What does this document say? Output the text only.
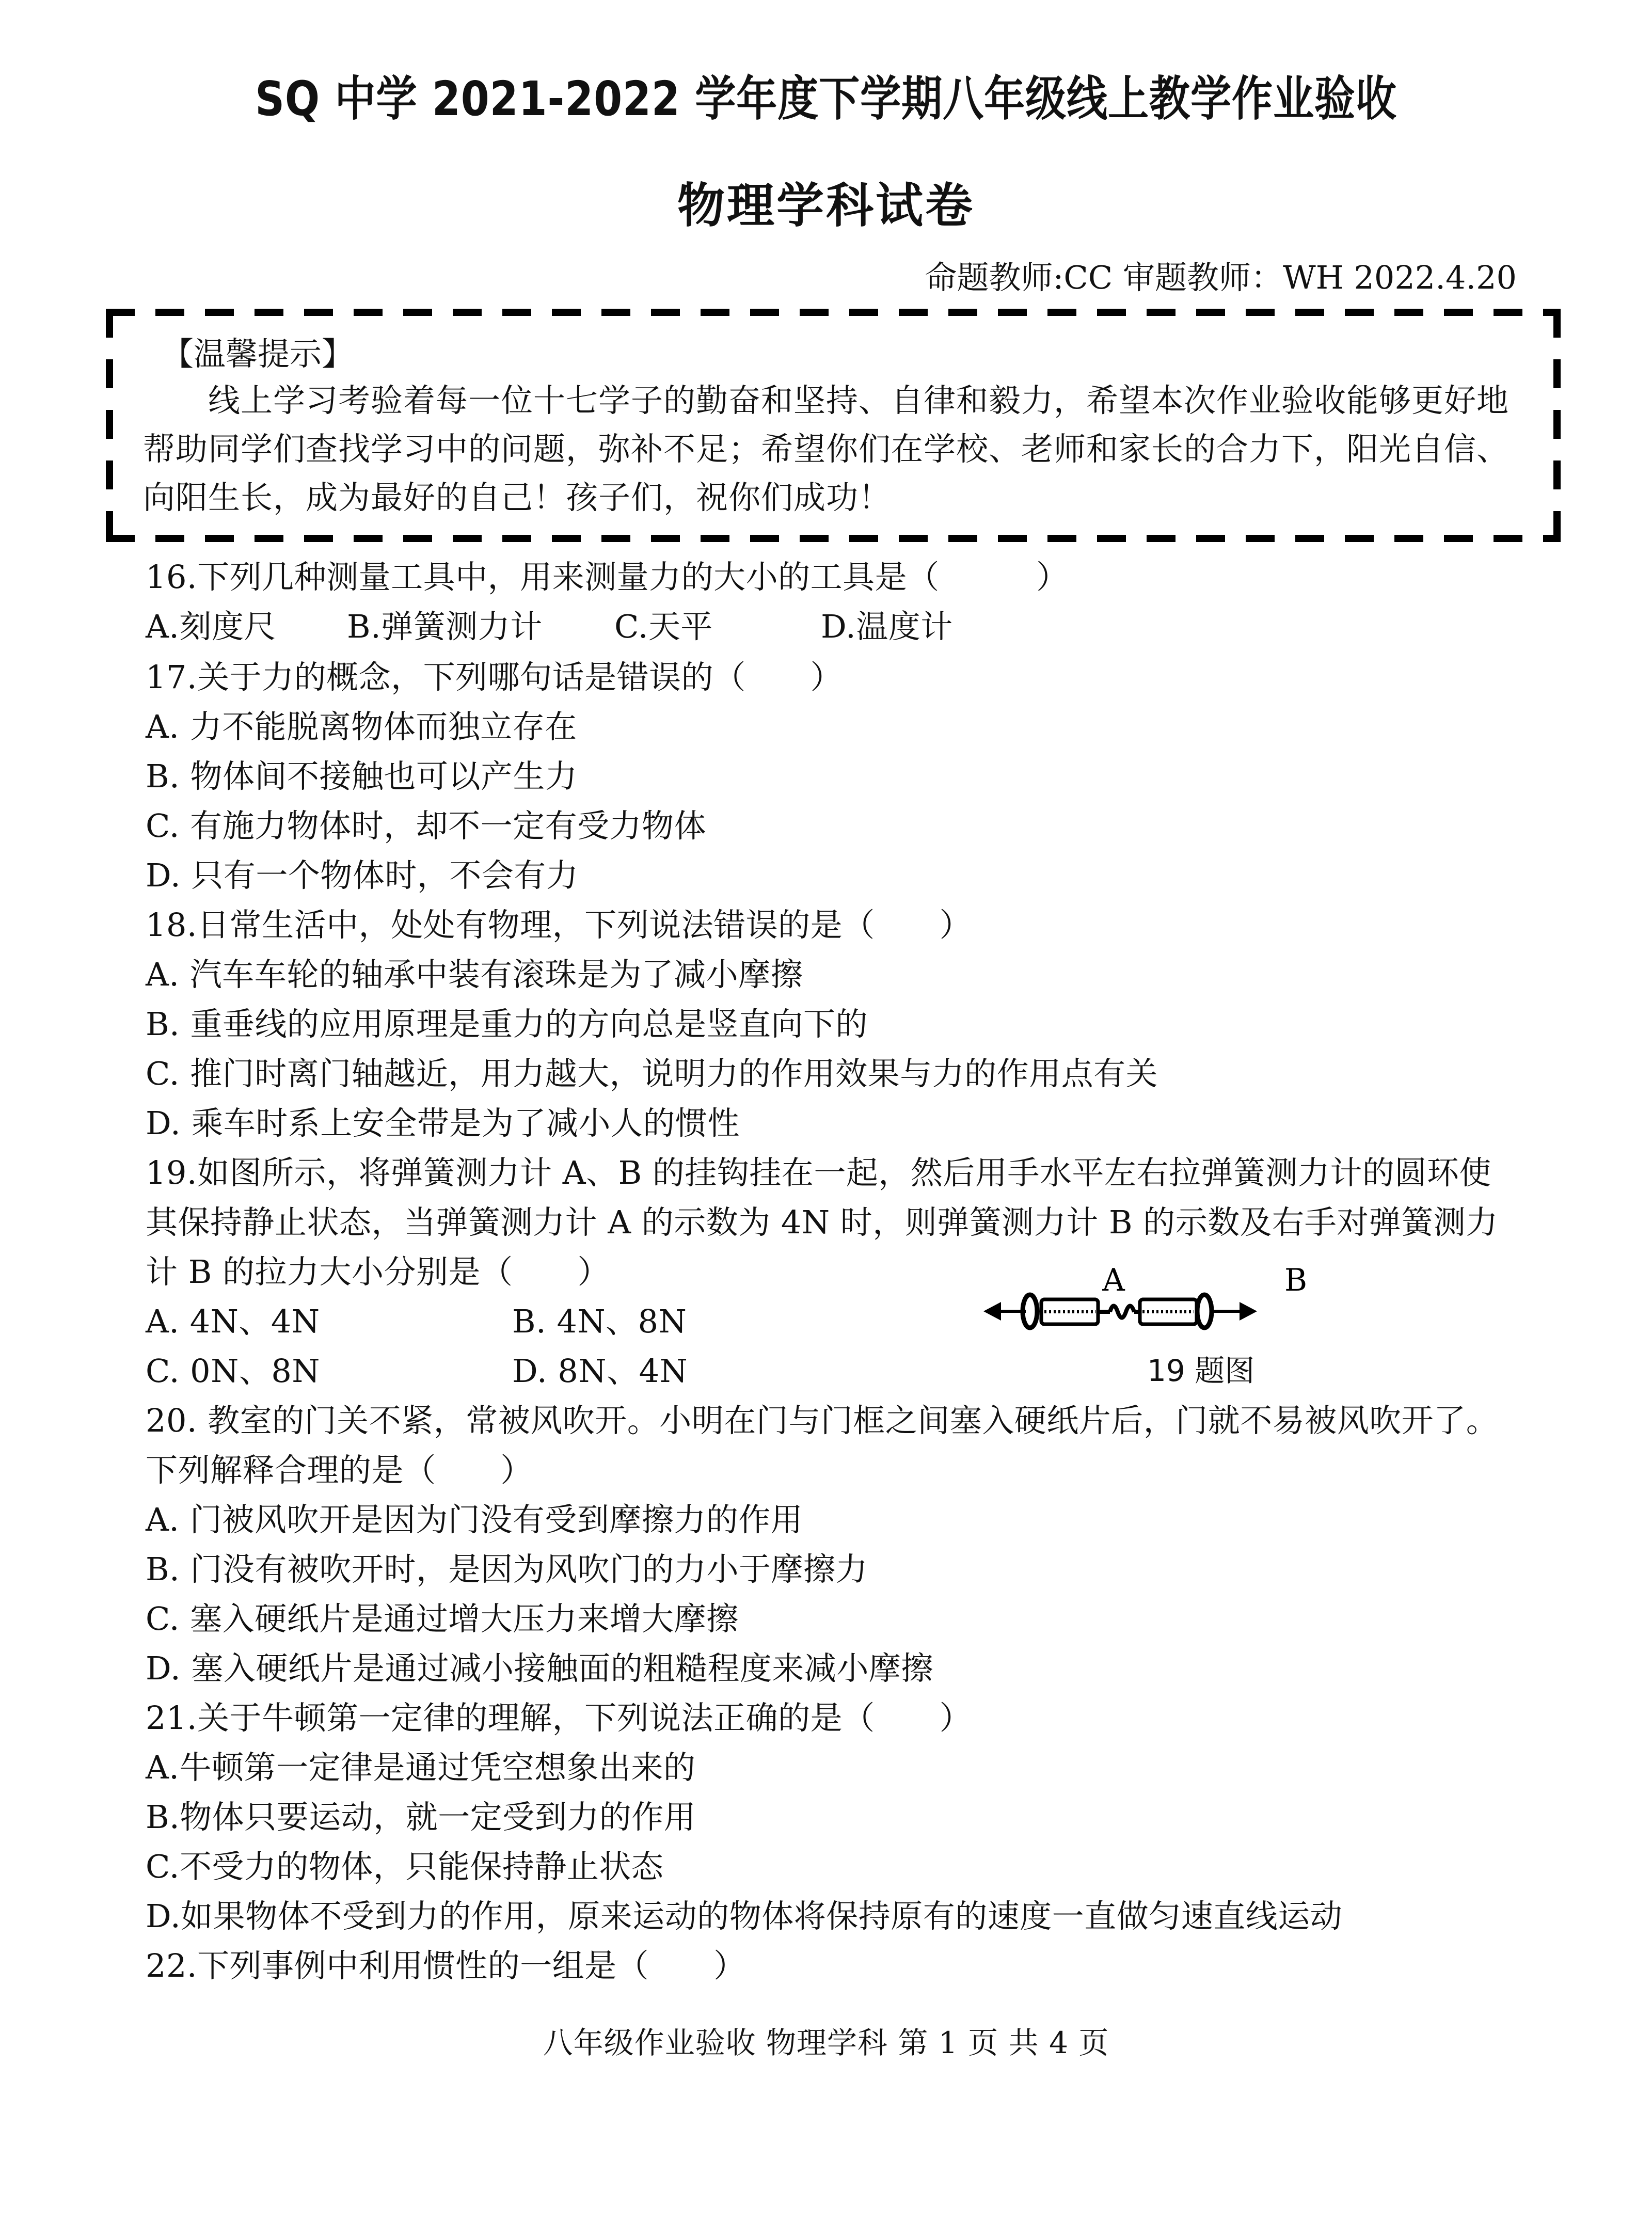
SQ 中学 2021-2022 学年度下学期八年级线上教学作业验收
物理学科试卷
命题教师:CC 审题教师：WH 2022.4.20
【温馨提示】
　　线上学习考验着每一位十七学子的勤奋和坚持、自律和毅力，希望本次作业验收能够更好地
帮助同学们查找学习中的问题，弥补不足；希望你们在学校、老师和家长的合力下，阳光自信、
向阳生长，成为最好的自己！孩子们，祝你们成功！
16.下列几种测量工具中，用来测量力的大小的工具是（　　　）
A.刻度尺 B.弹簧测力计 C.天平	D.温度计
17.关于力的概念，下列哪句话是错误的（　　）
A. 力不能脱离物体而独立存在
B. 物体间不接触也可以产生力
C. 有施力物体时，却不一定有受力物体
D. 只有一个物体时，不会有力
18.日常生活中，处处有物理，下列说法错误的是（　　）
A. 汽车车轮的轴承中装有滚珠是为了减小摩擦
B. 重垂线的应用原理是重力的方向总是竖直向下的
C. 推门时离门轴越近，用力越大，说明力的作用效果与力的作用点有关
D. 乘车时系上安全带是为了减小人的惯性
19.如图所示，将弹簧测力计 A、B 的挂钩挂在一起，然后用手水平左右拉弹簧测力计的圆环使
其保持静止状态，当弹簧测力计 A 的示数为 4N 时，则弹簧测力计 B 的示数及右手对弹簧测力
计 B 的拉力大小分别是（　　）
A. 4N、4N	B. 4N、8N
C. 0N、8N	D. 8N、4N
A	B
19 题图
20. 教室的门关不紧，常被风吹开。小明在门与门框之间塞入硬纸片后，门就不易被风吹开了。
下列解释合理的是（　　）
A. 门被风吹开是因为门没有受到摩擦力的作用
B. 门没有被吹开时，是因为风吹门的力小于摩擦力
C. 塞入硬纸片是通过增大压力来增大摩擦
D. 塞入硬纸片是通过减小接触面的粗糙程度来减小摩擦
21.关于牛顿第一定律的理解，下列说法正确的是（　　）
A.牛顿第一定律是通过凭空想象出来的
B.物体只要运动，就一定受到力的作用
C.不受力的物体，只能保持静止状态
D.如果物体不受到力的作用，原来运动的物体将保持原有的速度一直做匀速直线运动
22.下列事例中利用惯性的一组是（　　）
八年级作业验收 物理学科 第 1 页 共 4 页
